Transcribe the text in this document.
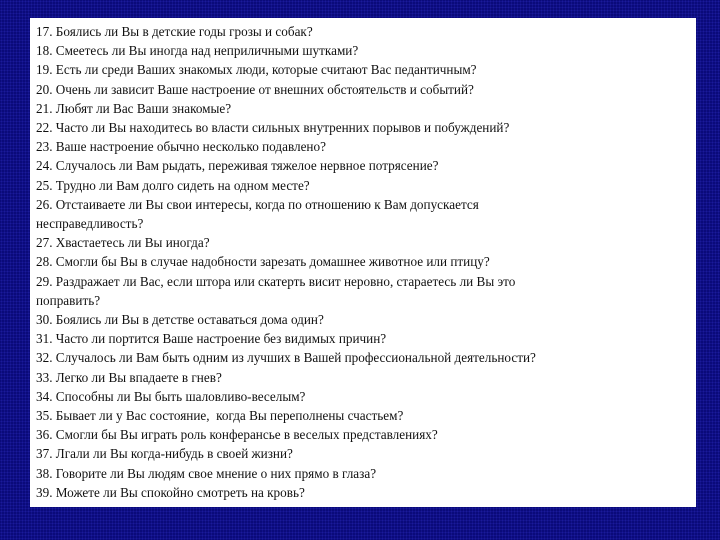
17. Боялись ли Вы в детские годы грозы и собак?
18. Смеетесь ли Вы иногда над неприличными шутками?
19. Есть ли среди Ваших знакомых люди, которые считают Вас педантичным?
20. Очень ли зависит Ваше настроение от внешних обстоятельств и событий?
21. Любят ли Вас Ваши знакомые?
22. Часто ли Вы находитесь во власти сильных внутренних порывов и побуждений?
23. Ваше настроение обычно несколько подавлено?
24. Случалось ли Вам рыдать, переживая тяжелое нервное потрясение?
25. Трудно ли Вам долго сидеть на одном месте?
26. Отстаиваете ли Вы свои интересы, когда по отношению к Вам допускается
несправедливость?
27. Хвастаетесь ли Вы иногда?
28. Смогли бы Вы в случае надобности зарезать домашнее животное или птицу?
29. Раздражает ли Вас, если штора или скатерть висит неровно, стараетесь ли Вы это
поправить?
30. Боялись ли Вы в детстве оставаться дома один?
31. Часто ли портится Ваше настроение без видимых причин?
32. Случалось ли Вам быть одним из лучших в Вашей профессиональной деятельности?
33. Легко ли Вы впадаете в гнев?
34. Способны ли Вы быть шаловливо-веселым?
35. Бывает ли у Вас состояние,  когда Вы переполнены счастьем?
36. Смогли бы Вы играть роль конферансье в веселых представлениях?
37. Лгали ли Вы когда-нибудь в своей жизни?
38. Говорите ли Вы людям свое мнение о них прямо в глаза?
39. Можете ли Вы спокойно смотреть на кровь?
